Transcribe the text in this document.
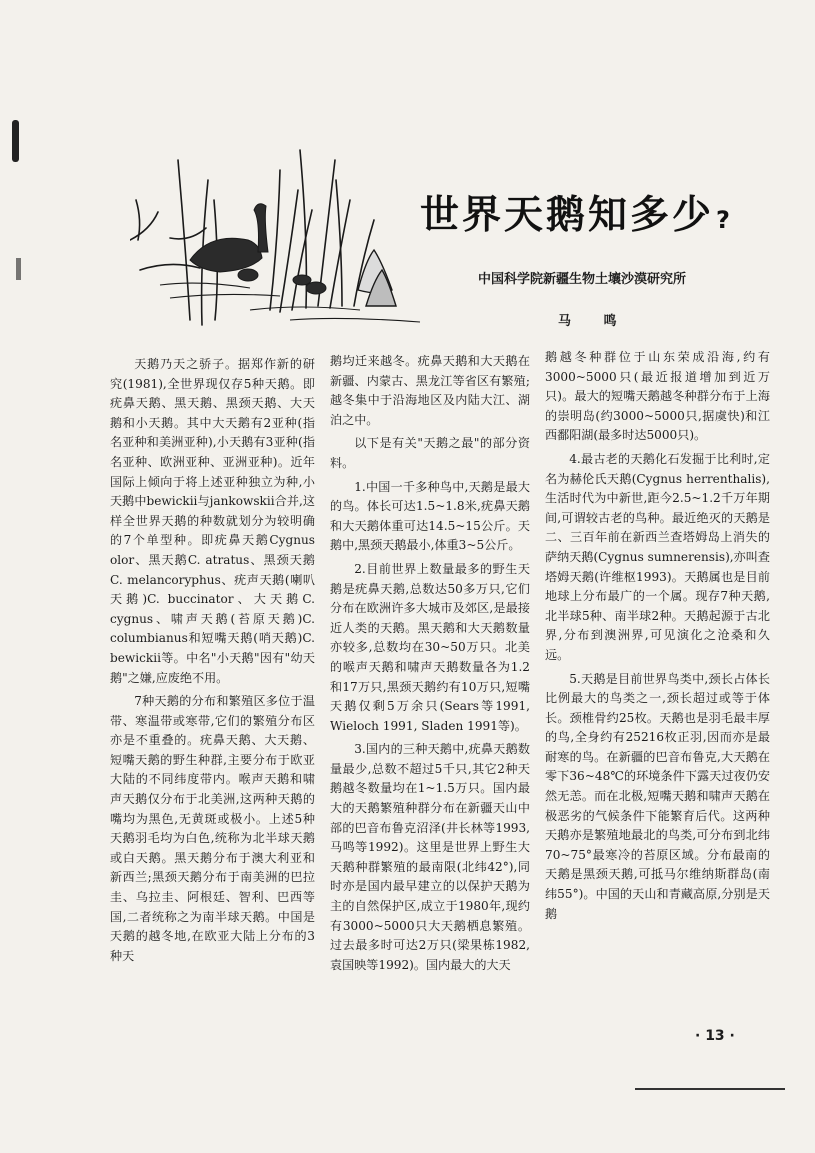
世界天鹅知多少?
中国科学院新疆生物土壤沙漠研究所
马 鸣

天鹅乃天之骄子。据郑作新的研究(1981),全世界现仅存5种天鹅。即疣鼻天鹅、黑天鹅、黑颈天鹅、大天鹅和小天鹅。其中大天鹅有2亚种(指名亚种和美洲亚种),小天鹅有3亚种(指名亚种、欧洲亚种、亚洲亚种)。近年国际上倾向于将上述亚种独立为种,小天鹅中bewickii与jankowskii合并,这样全世界天鹅的种数就划分为较明确的7个单型种。即疣鼻天鹅Cygnus olor、黑天鹅C. atratus、黑颈天鹅C. melancoryphus、疣声天鹅(喇叭天鹅)C. buccinator、大天鹅C. cygnus、啸声天鹅(苔原天鹅)C. columbianus和短嘴天鹅(哨天鹅)C. bewickii等。中名"小天鹅"因有"幼天鹅"之嫌,应废绝不用。

7种天鹅的分布和繁殖区多位于温带、寒温带或寒带,它们的繁殖分布区亦是不重叠的。疣鼻天鹅、大天鹅、短嘴天鹅的野生种群,主要分布于欧亚大陆的不同纬度带内。喉声天鹅和啸声天鹅仅分布于北美洲,这两种天鹅的嘴均为黑色,无黄斑或极小。上述5种天鹅羽毛均为白色,统称为北半球天鹅或白天鹅。黑天鹅分布于澳大利亚和新西兰;黑颈天鹅分布于南美洲的巴拉圭、乌拉圭、阿根廷、智利、巴西等国,二者统称之为南半球天鹅。中国是天鹅的越冬地,在欧亚大陆上分布的3种天

鹅均迁来越冬。疣鼻天鹅和大天鹅在新疆、内蒙古、黑龙江等省区有繁殖;越冬集中于沿海地区及内陆大江、湖泊之中。

以下是有关"天鹅之最"的部分资料。

1.中国一千多种鸟中,天鹅是最大的鸟。体长可达1.5~1.8米,疣鼻天鹅和大天鹅体重可达14.5~15公斤。天鹅中,黑颈天鹅最小,体重3~5公斤。

2.目前世界上数量最多的野生天鹅是疣鼻天鹅,总数达50多万只,它们分布在欧洲许多大城市及郊区,是最接近人类的天鹅。黑天鹅和大天鹅数量亦较多,总数均在30~50万只。北美的喉声天鹅和啸声天鹅数量各为1.2和17万只,黑颈天鹅约有10万只,短嘴天鹅仅剩5万余只(Sears等1991, Wieloch 1991, Sladen 1991等)。

3.国内的三种天鹅中,疣鼻天鹅数量最少,总数不超过5千只,其它2种天鹅越冬数量均在1~1.5万只。国内最大的天鹅繁殖种群分布在新疆天山中部的巴音布鲁克沼泽(井长林等1993,马鸣等1992)。这里是世界上野生大天鹅种群繁殖的最南限(北纬42°),同时亦是国内最早建立的以保护天鹅为主的自然保护区,成立于1980年,现约有3000~5000只大天鹅栖息繁殖。过去最多时可达2万只(梁果栋1982,袁国映等1992)。国内最大的大天

鹅越冬种群位于山东荣成沿海,约有3000~5000只(最近报道增加到近万只)。最大的短嘴天鹅越冬种群分布于上海的崇明岛(约3000~5000只,据虞快)和江西鄱阳湖(最多时达5000只)。

4.最古老的天鹅化石发掘于比利时,定名为赫伦氏天鹅(Cygnus herrenthalis),生活时代为中新世,距今2.5~1.2千万年期间,可谓较古老的鸟种。最近绝灭的天鹅是二、三百年前在新西兰查塔姆岛上消失的萨纳天鹅(Cygnus sumnerensis),亦叫查塔姆天鹅(许维枢1993)。天鹅属也是目前地球上分布最广的一个属。现存7种天鹅,北半球5种、南半球2种。天鹅起源于古北界,分布到澳洲界,可见演化之沧桑和久远。

5.天鹅是目前世界鸟类中,颈长占体长比例最大的鸟类之一,颈长超过或等于体长。颈椎骨约25枚。天鹅也是羽毛最丰厚的鸟,全身约有25216枚正羽,因而亦是最耐寒的鸟。在新疆的巴音布鲁克,大天鹅在零下36~48℃的环境条件下露天过夜仍安然无恙。而在北极,短嘴天鹅和啸声天鹅在极恶劣的气候条件下能繁育后代。这两种天鹅亦是繁殖地最北的鸟类,可分布到北纬70~75°最寒冷的苔原区域。分布最南的天鹅是黑颈天鹅,可抵马尔维纳斯群岛(南纬55°)。中国的天山和青藏高原,分别是天鹅

· 13 ·
